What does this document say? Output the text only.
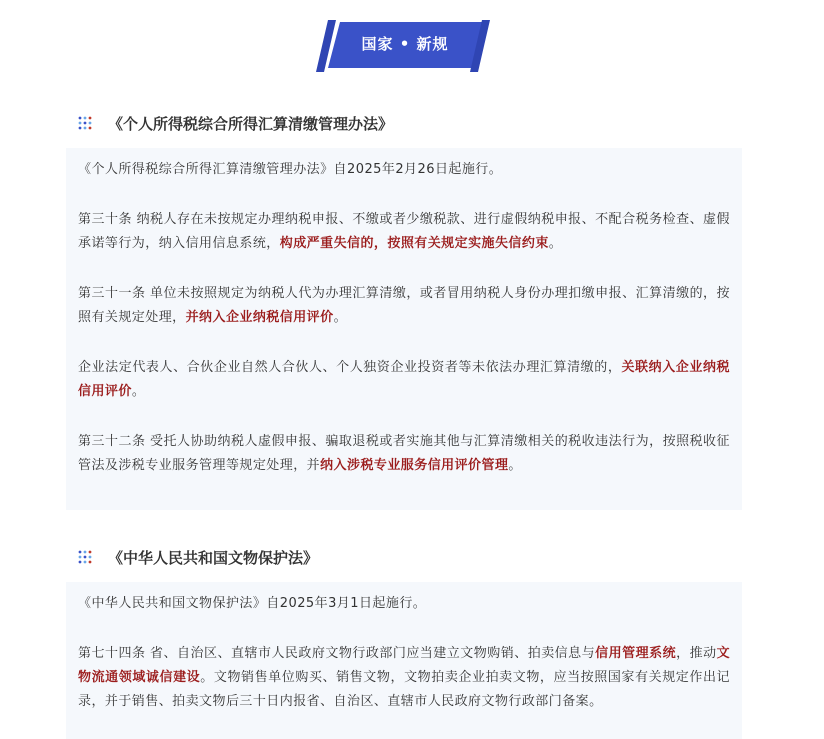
国家 • 新规
《个人所得税综合所得汇算清缴管理办法》

《个人所得税综合所得汇算清缴管理办法》自2025年2月26日起施行。

第三十条 纳税人存在未按规定办理纳税申报、不缴或者少缴税款、进行虚假纳税申报、不配合税务检查、虚假承诺等行为，纳入信用信息系统，构成严重失信的，按照有关规定实施失信约束。

第三十一条 单位未按照规定为纳税人代为办理汇算清缴，或者冒用纳税人身份办理扣缴申报、汇算清缴的，按照有关规定处理，并纳入企业纳税信用评价。

企业法定代表人、合伙企业自然人合伙人、个人独资企业投资者等未依法办理汇算清缴的，关联纳入企业纳税信用评价。

第三十二条 受托人协助纳税人虚假申报、骗取退税或者实施其他与汇算清缴相关的税收违法行为，按照税收征管法及涉税专业服务管理等规定处理，并纳入涉税专业服务信用评价管理。

《中华人民共和国文物保护法》

《中华人民共和国文物保护法》自2025年3月1日起施行。

第七十四条 省、自治区、直辖市人民政府文物行政部门应当建立文物购销、拍卖信息与信用管理系统，推动文物流通领域诚信建设。文物销售单位购买、销售文物，文物拍卖企业拍卖文物，应当按照国家有关规定作出记录，并于销售、拍卖文物后三十日内报省、自治区、直辖市人民政府文物行政部门备案。
